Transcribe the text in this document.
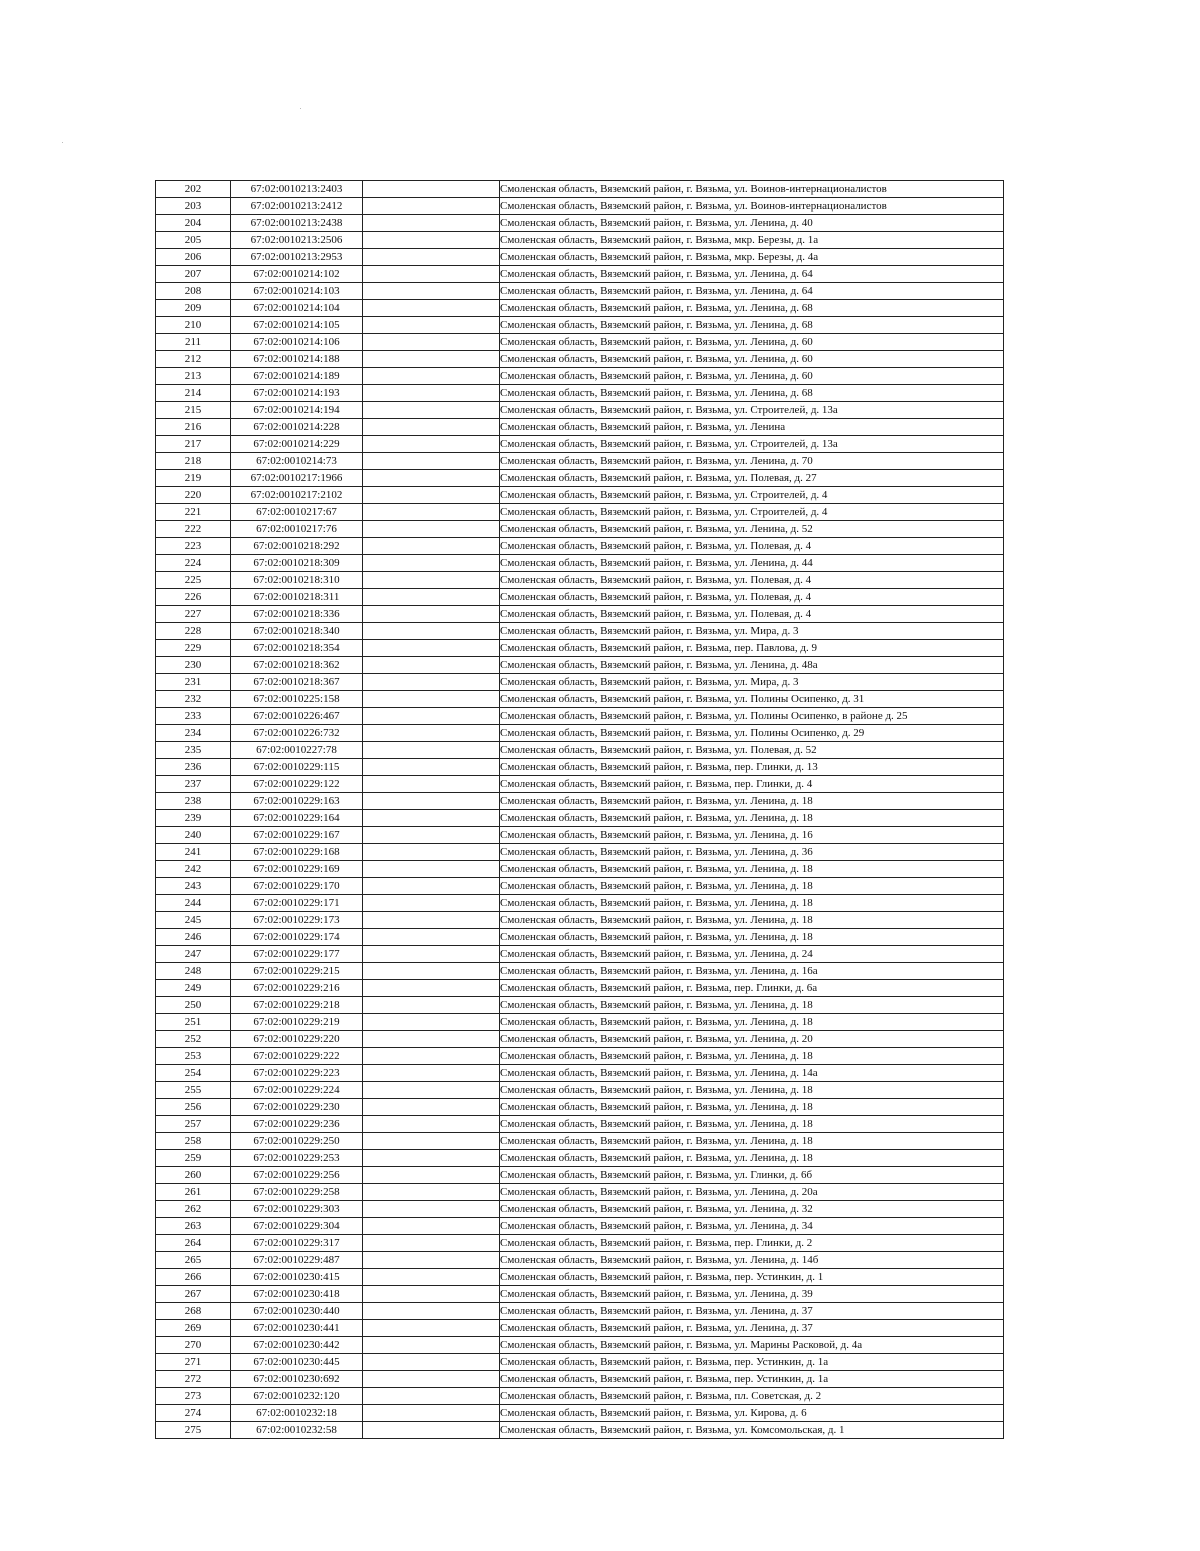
202	67:02:0010213:2403		Смоленская область, Вяземский район, г. Вязьма, ул. Воинов-интернационалистов
203	67:02:0010213:2412		Смоленская область, Вяземский район, г. Вязьма, ул. Воинов-интернационалистов
204	67:02:0010213:2438		Смоленская область, Вяземский район, г. Вязьма, ул. Ленина, д. 40
205	67:02:0010213:2506		Смоленская область, Вяземский район, г. Вязьма, мкр. Березы, д. 1а
206	67:02:0010213:2953		Смоленская область, Вяземский район, г. Вязьма, мкр. Березы, д. 4а
207	67:02:0010214:102		Смоленская область, Вяземский район, г. Вязьма, ул. Ленина, д. 64
208	67:02:0010214:103		Смоленская область, Вяземский район, г. Вязьма, ул. Ленина, д. 64
209	67:02:0010214:104		Смоленская область, Вяземский район, г. Вязьма, ул. Ленина, д. 68
210	67:02:0010214:105		Смоленская область, Вяземский район, г. Вязьма, ул. Ленина, д. 68
211	67:02:0010214:106		Смоленская область, Вяземский район, г. Вязьма, ул. Ленина, д. 60
212	67:02:0010214:188		Смоленская область, Вяземский район, г. Вязьма, ул. Ленина, д. 60
213	67:02:0010214:189		Смоленская область, Вяземский район, г. Вязьма, ул. Ленина, д. 60
214	67:02:0010214:193		Смоленская область, Вяземский район, г. Вязьма, ул. Ленина, д. 68
215	67:02:0010214:194		Смоленская область, Вяземский район, г. Вязьма, ул. Строителей, д. 13а
216	67:02:0010214:228		Смоленская область, Вяземский район, г. Вязьма, ул. Ленина
217	67:02:0010214:229		Смоленская область, Вяземский район, г. Вязьма, ул. Строителей, д. 13а
218	67:02:0010214:73		Смоленская область, Вяземский район, г. Вязьма, ул. Ленина, д. 70
219	67:02:0010217:1966		Смоленская область, Вяземский район, г. Вязьма, ул. Полевая, д. 27
220	67:02:0010217:2102		Смоленская область, Вяземский район, г. Вязьма, ул. Строителей, д. 4
221	67:02:0010217:67		Смоленская область, Вяземский район, г. Вязьма, ул. Строителей, д. 4
222	67:02:0010217:76		Смоленская область, Вяземский район, г. Вязьма, ул. Ленина, д. 52
223	67:02:0010218:292		Смоленская область, Вяземский район, г. Вязьма, ул. Полевая, д. 4
224	67:02:0010218:309		Смоленская область, Вяземский район, г. Вязьма, ул. Ленина, д. 44
225	67:02:0010218:310		Смоленская область, Вяземский район, г. Вязьма, ул. Полевая, д. 4
226	67:02:0010218:311		Смоленская область, Вяземский район, г. Вязьма, ул. Полевая, д. 4
227	67:02:0010218:336		Смоленская область, Вяземский район, г. Вязьма, ул. Полевая, д. 4
228	67:02:0010218:340		Смоленская область, Вяземский район, г. Вязьма, ул. Мира, д. 3
229	67:02:0010218:354		Смоленская область, Вяземский район, г. Вязьма, пер. Павлова, д. 9
230	67:02:0010218:362		Смоленская область, Вяземский район, г. Вязьма, ул. Ленина, д. 48а
231	67:02:0010218:367		Смоленская область, Вяземский район, г. Вязьма, ул. Мира, д. 3
232	67:02:0010225:158		Смоленская область, Вяземский район, г. Вязьма, ул. Полины Осипенко, д. 31
233	67:02:0010226:467		Смоленская область, Вяземский район, г. Вязьма, ул. Полины Осипенко, в районе д. 25
234	67:02:0010226:732		Смоленская область, Вяземский район, г. Вязьма, ул. Полины Осипенко, д. 29
235	67:02:0010227:78		Смоленская область, Вяземский район, г. Вязьма, ул. Полевая, д. 52
236	67:02:0010229:115		Смоленская область, Вяземский район, г. Вязьма, пер. Глинки, д. 13
237	67:02:0010229:122		Смоленская область, Вяземский район, г. Вязьма, пер. Глинки, д. 4
238	67:02:0010229:163		Смоленская область, Вяземский район, г. Вязьма, ул. Ленина, д. 18
239	67:02:0010229:164		Смоленская область, Вяземский район, г. Вязьма, ул. Ленина, д. 18
240	67:02:0010229:167		Смоленская область, Вяземский район, г. Вязьма, ул. Ленина, д. 16
241	67:02:0010229:168		Смоленская область, Вяземский район, г. Вязьма, ул. Ленина, д. 36
242	67:02:0010229:169		Смоленская область, Вяземский район, г. Вязьма, ул. Ленина, д. 18
243	67:02:0010229:170		Смоленская область, Вяземский район, г. Вязьма, ул. Ленина, д. 18
244	67:02:0010229:171		Смоленская область, Вяземский район, г. Вязьма, ул. Ленина, д. 18
245	67:02:0010229:173		Смоленская область, Вяземский район, г. Вязьма, ул. Ленина, д. 18
246	67:02:0010229:174		Смоленская область, Вяземский район, г. Вязьма, ул. Ленина, д. 18
247	67:02:0010229:177		Смоленская область, Вяземский район, г. Вязьма, ул. Ленина, д. 24
248	67:02:0010229:215		Смоленская область, Вяземский район, г. Вязьма, ул. Ленина, д. 16а
249	67:02:0010229:216		Смоленская область, Вяземский район, г. Вязьма, пер. Глинки, д. 6а
250	67:02:0010229:218		Смоленская область, Вяземский район, г. Вязьма, ул. Ленина, д. 18
251	67:02:0010229:219		Смоленская область, Вяземский район, г. Вязьма, ул. Ленина, д. 18
252	67:02:0010229:220		Смоленская область, Вяземский район, г. Вязьма, ул. Ленина, д. 20
253	67:02:0010229:222		Смоленская область, Вяземский район, г. Вязьма, ул. Ленина, д. 18
254	67:02:0010229:223		Смоленская область, Вяземский район, г. Вязьма, ул. Ленина, д. 14а
255	67:02:0010229:224		Смоленская область, Вяземский район, г. Вязьма, ул. Ленина, д. 18
256	67:02:0010229:230		Смоленская область, Вяземский район, г. Вязьма, ул. Ленина, д. 18
257	67:02:0010229:236		Смоленская область, Вяземский район, г. Вязьма, ул. Ленина, д. 18
258	67:02:0010229:250		Смоленская область, Вяземский район, г. Вязьма, ул. Ленина, д. 18
259	67:02:0010229:253		Смоленская область, Вяземский район, г. Вязьма, ул. Ленина, д. 18
260	67:02:0010229:256		Смоленская область, Вяземский район, г. Вязьма, ул. Глинки, д. 6б
261	67:02:0010229:258		Смоленская область, Вяземский район, г. Вязьма, ул. Ленина, д. 20а
262	67:02:0010229:303		Смоленская область, Вяземский район, г. Вязьма, ул. Ленина, д. 32
263	67:02:0010229:304		Смоленская область, Вяземский район, г. Вязьма, ул. Ленина, д. 34
264	67:02:0010229:317		Смоленская область, Вяземский район, г. Вязьма, пер. Глинки, д. 2
265	67:02:0010229:487		Смоленская область, Вяземский район, г. Вязьма, ул. Ленина, д. 14б
266	67:02:0010230:415		Смоленская область, Вяземский район, г. Вязьма, пер. Устинкин, д. 1
267	67:02:0010230:418		Смоленская область, Вяземский район, г. Вязьма, ул. Ленина, д. 39
268	67:02:0010230:440		Смоленская область, Вяземский район, г. Вязьма, ул. Ленина, д. 37
269	67:02:0010230:441		Смоленская область, Вяземский район, г. Вязьма, ул. Ленина, д. 37
270	67:02:0010230:442		Смоленская область, Вяземский район, г. Вязьма, ул. Марины Расковой, д. 4а
271	67:02:0010230:445		Смоленская область, Вяземский район, г. Вязьма, пер. Устинкин, д. 1а
272	67:02:0010230:692		Смоленская область, Вяземский район, г. Вязьма, пер. Устинкин, д. 1а
273	67:02:0010232:120		Смоленская область, Вяземский район, г. Вязьма, пл. Советская, д. 2
274	67:02:0010232:18		Смоленская область, Вяземский район, г. Вязьма, ул. Кирова, д. 6
275	67:02:0010232:58		Смоленская область, Вяземский район, г. Вязьма, ул. Комсомольская, д. 1
